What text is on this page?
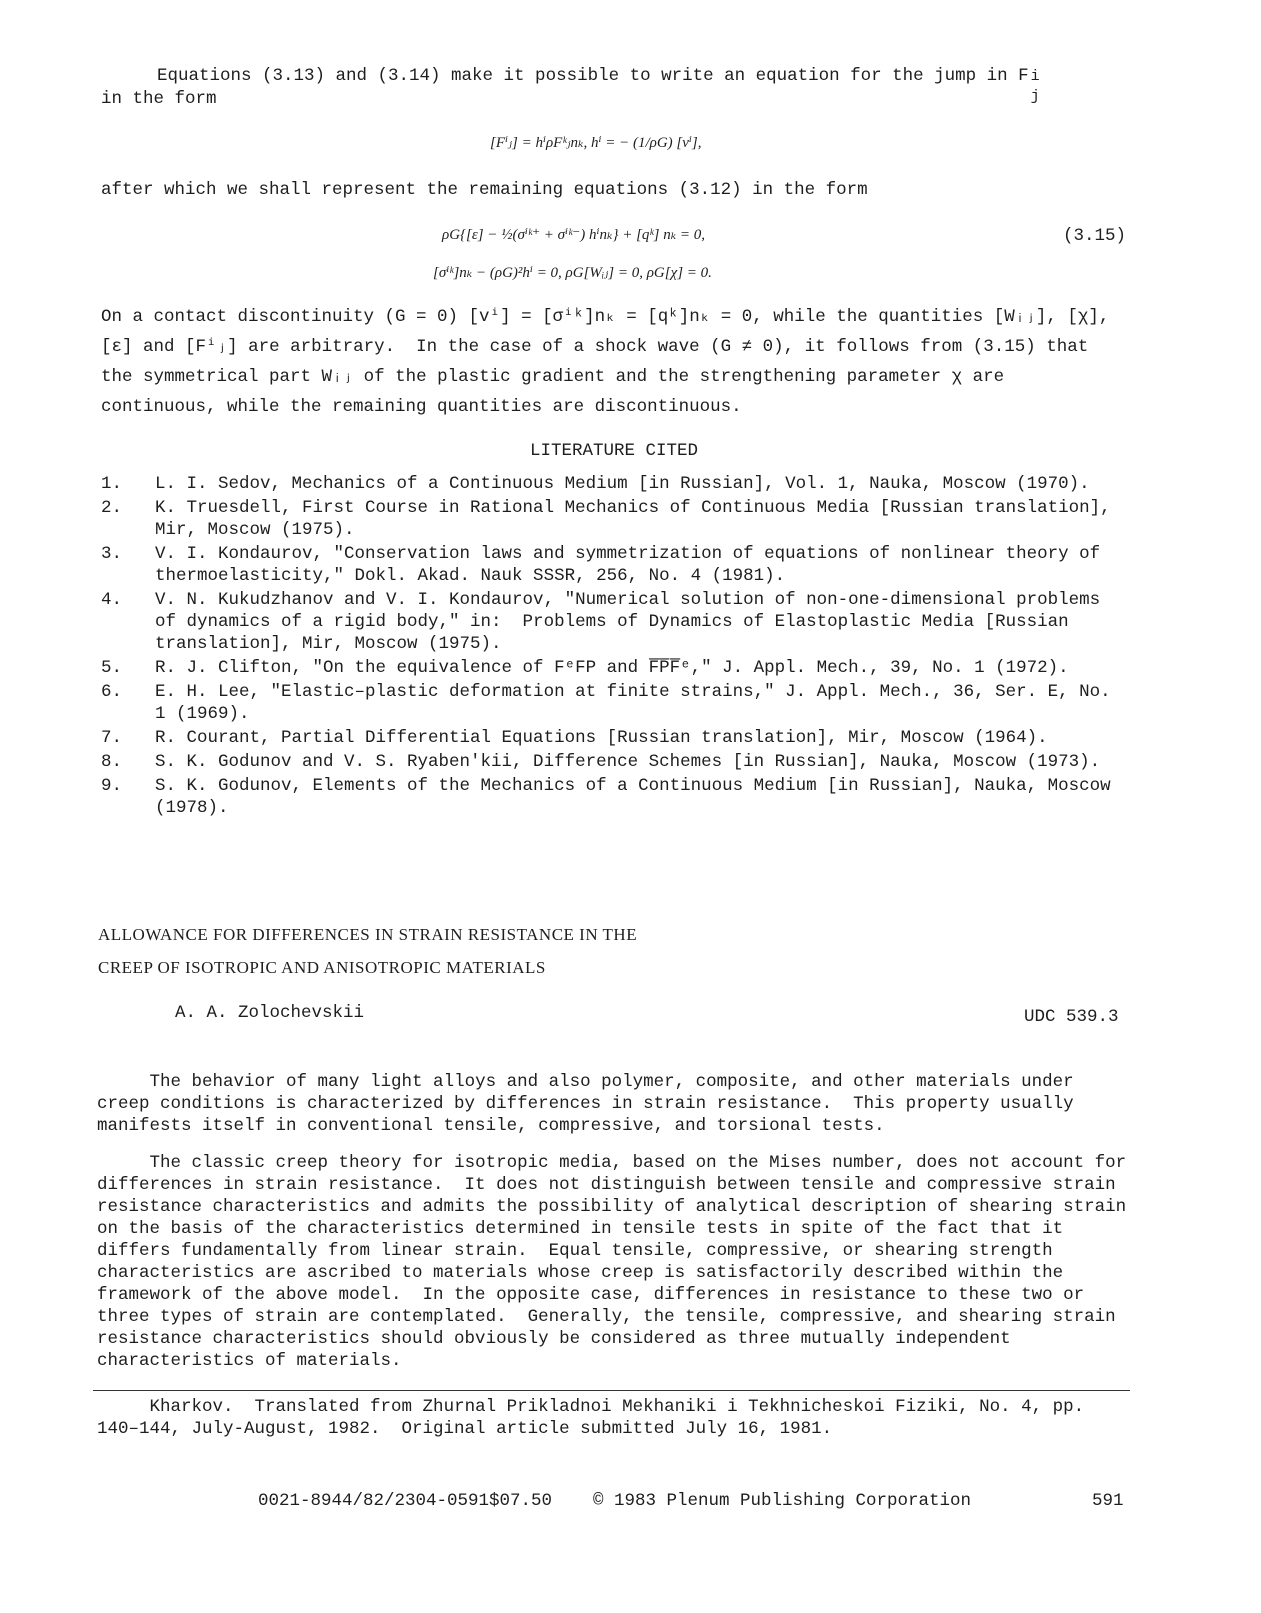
Equations (3.13) and (3.14) make it possible to write an equation for the jump in F i
j
in the form
[Fⁱⱼ] = hⁱρFᵏⱼnₖ, hⁱ = − (1/ρG) [vⁱ],
after which we shall represent the remaining equations (3.12) in the form
ρG{[ε] − ½(σⁱᵏ⁺ + σⁱᵏ⁻) hⁱnₖ} + [qᵏ] nₖ = 0,
[σⁱᵏ]nₖ − (ρG)²hⁱ = 0, ρG[Wᵢⱼ] = 0, ρG[χ] = 0.
(3.15)
On a contact discontinuity (G = 0) [vⁱ] = [σⁱᵏ]nₖ = [qᵏ]nₖ = 0, while the quantities [Wᵢⱼ], [χ], [ε] and [Fⁱⱼ] are arbitrary.  In the case of a shock wave (G ≠ 0), it follows from (3.15) that the symmetrical part Wᵢⱼ of the plastic gradient and the strengthening parameter χ are continuous, while the remaining quantities are discontinuous.
LITERATURE CITED
1.	L. I. Sedov, Mechanics of a Continuous Medium [in Russian], Vol. 1, Nauka, Moscow (1970).
2.	K. Truesdell, First Course in Rational Mechanics of Continuous Media [Russian translation], Mir, Moscow (1975).
3.	V. I. Kondaurov, "Conservation laws and symmetrization of equations of nonlinear theory of thermoelasticity," Dokl. Akad. Nauk SSSR, 256, No. 4 (1981).
4.	V. N. Kukudzhanov and V. I. Kondaurov, "Numerical solution of non-one-dimensional problems of dynamics of a rigid body," in:  Problems of Dynamics of Elastoplastic Media [Russian translation], Mir, Moscow (1975).
5.	R. J. Clifton, "On the equivalence of FᵉFP and F̅P̅F̅ᵉ," J. Appl. Mech., 39, No. 1 (1972).
6.	E. H. Lee, "Elastic–plastic deformation at finite strains," J. Appl. Mech., 36, Ser. E, No. 1 (1969).
7.	R. Courant, Partial Differential Equations [Russian translation], Mir, Moscow (1964).
8.	S. K. Godunov and V. S. Ryaben'kii, Difference Schemes [in Russian], Nauka, Moscow (1973).
9.	S. K. Godunov, Elements of the Mechanics of a Continuous Medium [in Russian], Nauka, Moscow (1978).
ALLOWANCE FOR DIFFERENCES IN STRAIN RESISTANCE IN THE
CREEP OF ISOTROPIC AND ANISOTROPIC MATERIALS
A. A. Zolochevskii	UDC 539.3
The behavior of many light alloys and also polymer, composite, and other materials under creep conditions is characterized by differences in strain resistance.  This property usually manifests itself in conventional tensile, compressive, and torsional tests.
The classic creep theory for isotropic media, based on the Mises number, does not account for differences in strain resistance.  It does not distinguish between tensile and compressive strain resistance characteristics and admits the possibility of analytical description of shearing strain on the basis of the characteristics determined in tensile tests in spite of the fact that it differs fundamentally from linear strain.  Equal tensile, compressive, or shearing strength characteristics are ascribed to materials whose creep is satisfactorily described within the framework of the above model.  In the opposite case, differences in resistance to these two or three types of strain are contemplated.  Generally, the tensile, compressive, and shearing strain resistance characteristics should obviously be considered as three mutually independent characteristics of materials.
Kharkov.  Translated from Zhurnal Prikladnoi Mekhaniki i Tekhnicheskoi Fiziki, No. 4, pp. 140–144, July-August, 1982.  Original article submitted July 16, 1981.
0021-8944/82/2304-0591$07.50 © 1983 Plenum Publishing Corporation	591
